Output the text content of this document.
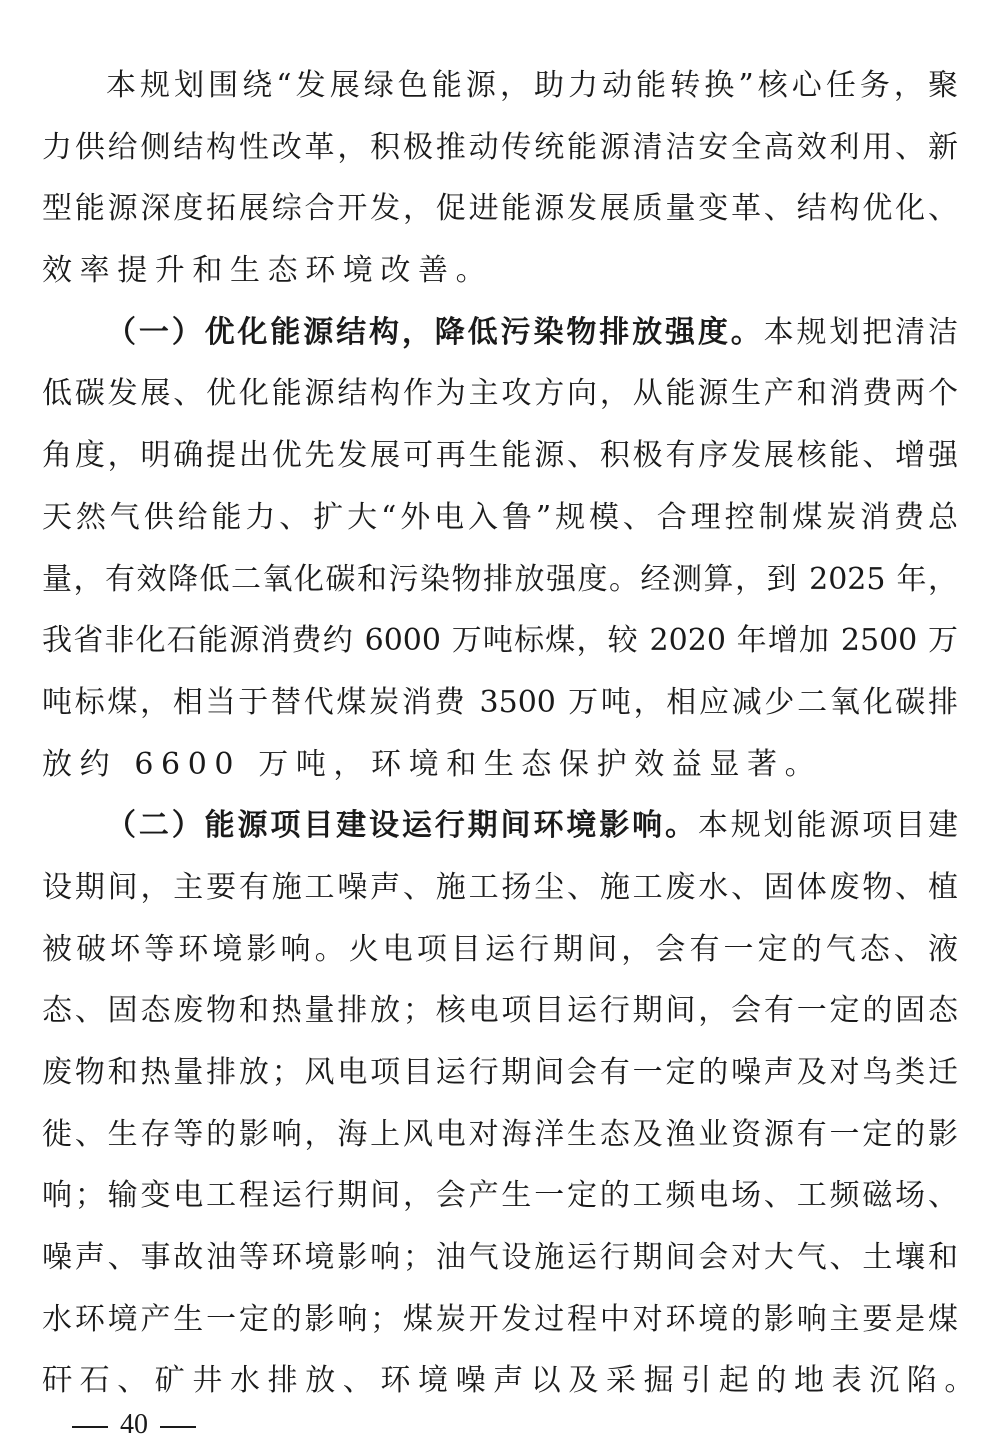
本规划围绕“发展绿色能源，助力动能转换”核心任务，聚
力供给侧结构性改革，积极推动传统能源清洁安全高效利用、新
型能源深度拓展综合开发，促进能源发展质量变革、结构优化、
效率提升和生态环境改善。
（一）优化能源结构，降低污染物排放强度。本规划把清洁
低碳发展、优化能源结构作为主攻方向，从能源生产和消费两个
角度，明确提出优先发展可再生能源、积极有序发展核能、增强
天然气供给能力、扩大“外电入鲁”规模、合理控制煤炭消费总
量，有效降低二氧化碳和污染物排放强度。经测算，到 2025 年，
我省非化石能源消费约 6000 万吨标煤，较 2020 年增加 2500 万
吨标煤，相当于替代煤炭消费 3500 万吨，相应减少二氧化碳排
放约 6600 万吨，环境和生态保护效益显著。
（二）能源项目建设运行期间环境影响。本规划能源项目建
设期间，主要有施工噪声、施工扬尘、施工废水、固体废物、植
被破坏等环境影响。火电项目运行期间，会有一定的气态、液
态、固态废物和热量排放；核电项目运行期间，会有一定的固态
废物和热量排放；风电项目运行期间会有一定的噪声及对鸟类迁
徙、生存等的影响，海上风电对海洋生态及渔业资源有一定的影
响；输变电工程运行期间，会产生一定的工频电场、工频磁场、
噪声、事故油等环境影响；油气设施运行期间会对大气、土壤和
水环境产生一定的影响；煤炭开发过程中对环境的影响主要是煤
矸石、矿井水排放、环境噪声以及采掘引起的地表沉陷。
40
